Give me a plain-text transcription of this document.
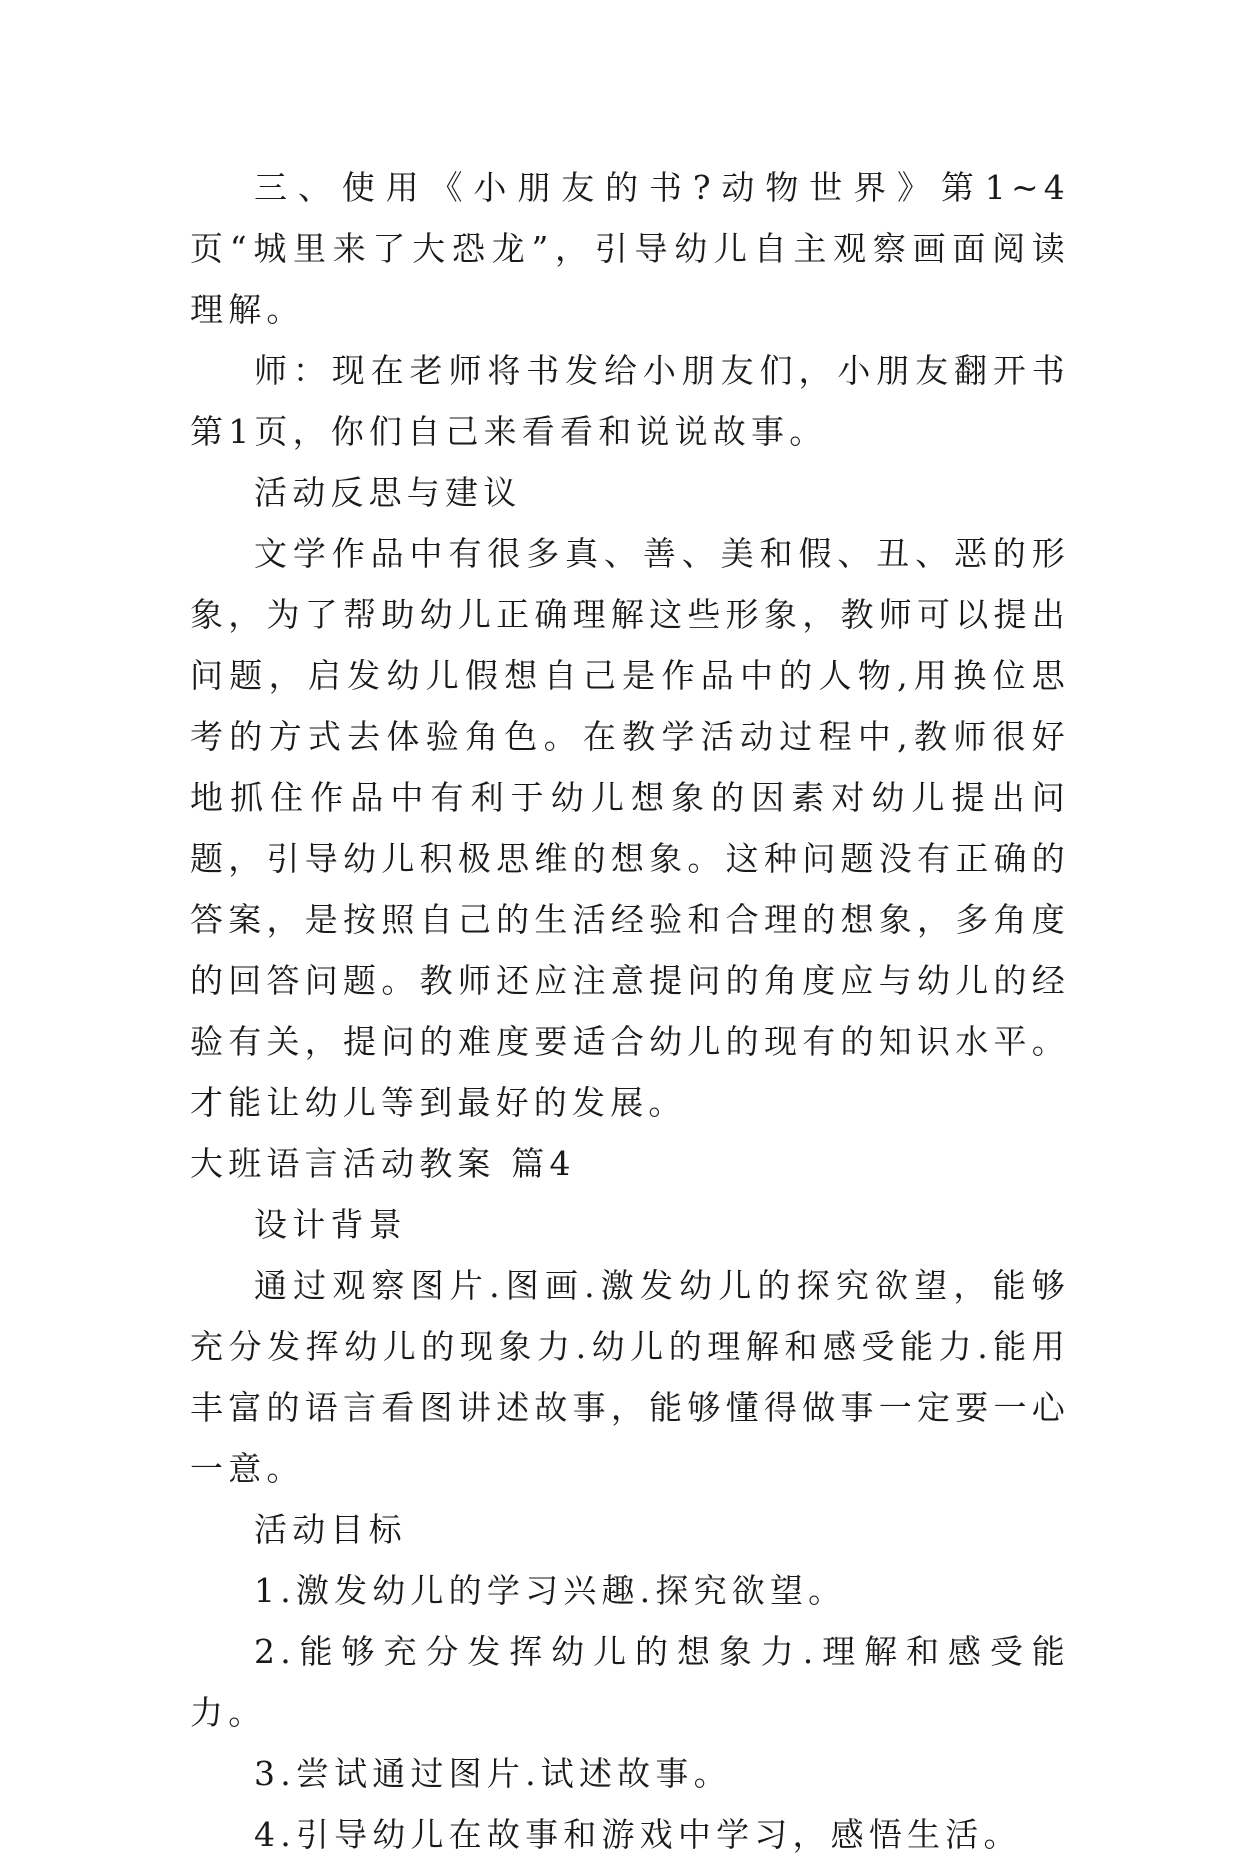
三、使用《小朋友的书?动物世界》第1~4页“城里来了大恐龙”，引导幼儿自主观察画面阅读理解。

师：现在老师将书发给小朋友们，小朋友翻开书第1页，你们自己来看看和说说故事。

活动反思与建议

文学作品中有很多真、善、美和假、丑、恶的形象，为了帮助幼儿正确理解这些形象，教师可以提出问题，启发幼儿假想自己是作品中的人物,用换位思考的方式去体验角色。在教学活动过程中,教师很好地抓住作品中有利于幼儿想象的因素对幼儿提出问题，引导幼儿积极思维的想象。这种问题没有正确的答案，是按照自己的生活经验和合理的想象，多角度的回答问题。教师还应注意提问的角度应与幼儿的经验有关，提问的难度要适合幼儿的现有的知识水平。才能让幼儿等到最好的发展。

大班语言活动教案 篇4

设计背景

通过观察图片.图画.激发幼儿的探究欲望，能够充分发挥幼儿的现象力.幼儿的理解和感受能力.能用丰富的语言看图讲述故事，能够懂得做事一定要一心一意。

活动目标

1.激发幼儿的学习兴趣.探究欲望。

2.能够充分发挥幼儿的想象力.理解和感受能力。

3.尝试通过图片.试述故事。

4.引导幼儿在故事和游戏中学习，感悟生活。
